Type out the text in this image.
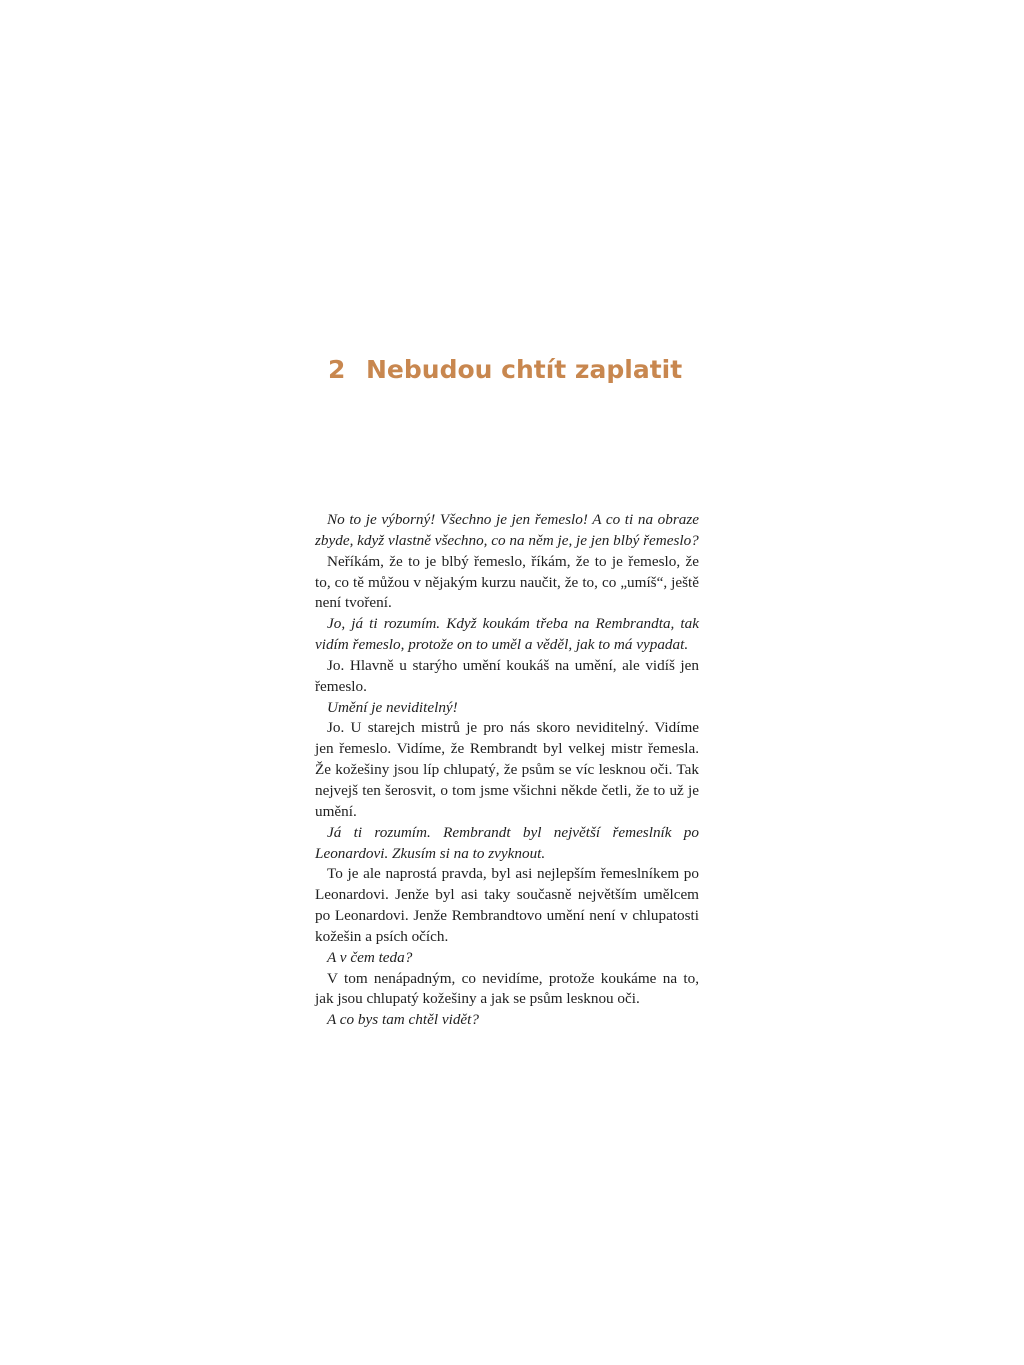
2 Nebudou chtít zaplatit

No to je výborný! Všechno je jen řemeslo! A co ti na obraze zbyde, když vlastně všechno, co na něm je, je jen blbý řemeslo?

Neříkám, že to je blbý řemeslo, říkám, že to je řemeslo, že to, co tě můžou v nějakým kurzu naučit, že to, co „umíš“, ještě není tvoření.

Jo, já ti rozumím. Když koukám třeba na Rembrandta, tak vidím řemeslo, protože on to uměl a věděl, jak to má vypadat.

Jo. Hlavně u starýho umění koukáš na umění, ale vidíš jen řemeslo.

Umění je neviditelný!

Jo. U starejch mistrů je pro nás skoro neviditelný. Vidíme jen řemeslo. Vidíme, že Rembrandt byl velkej mistr řemesla. Že kožešiny jsou líp chlupatý, že psům se víc lesknou oči. Tak nejvejš ten šerosvit, o tom jsme všichni někde četli, že to už je umění.

Já ti rozumím. Rembrandt byl největší řemeslník po Leonardovi. Zkusím si na to zvyknout.

To je ale naprostá pravda, byl asi nejlepším řemeslníkem po Leonardovi. Jenže byl asi taky současně největším umělcem po Leonardovi. Jenže Rembrandtovo umění není v chlupatosti kožešin a psích očích.

A v čem teda?

V tom nenápadným, co nevidíme, protože koukáme na to, jak jsou chlupatý kožešiny a jak se psům lesknou oči.

A co bys tam chtěl vidět?
